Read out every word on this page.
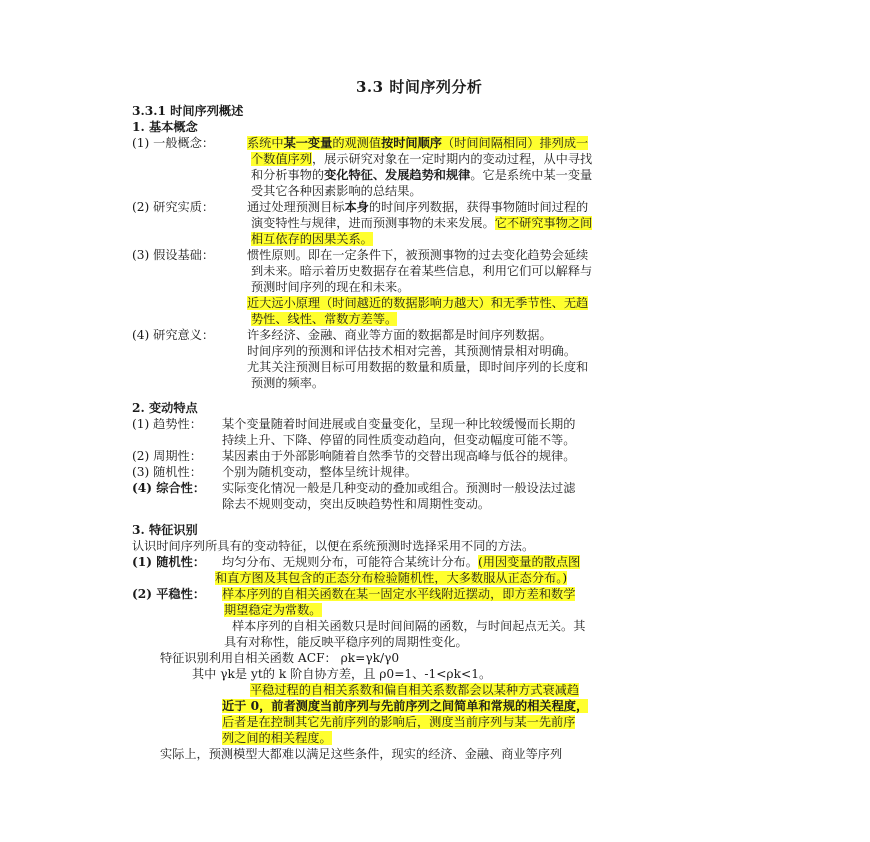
3.3 时间序列分析
3.3.1 时间序列概述
1. 基本概念
(1) 一般概念：	系统中某一变量的观测值按时间顺序（时间间隔相同）排列成一
个数值序列，展示研究对象在一定时期内的变动过程，从中寻找
和分析事物的变化特征、发展趋势和规律。它是系统中某一变量
受其它各种因素影响的总结果。
(2) 研究实质：	通过处理预测目标本身的时间序列数据，获得事物随时间过程的
演变特性与规律，进而预测事物的未来发展。它不研究事物之间
相互依存的因果关系。
(3) 假设基础：	惯性原则。即在一定条件下，被预测事物的过去变化趋势会延续
到未来。暗示着历史数据存在着某些信息，利用它们可以解释与
预测时间序列的现在和未来。
近大远小原理（时间越近的数据影响力越大）和无季节性、无趋
势性、线性、常数方差等。
(4) 研究意义：	许多经济、金融、商业等方面的数据都是时间序列数据。
时间序列的预测和评估技术相对完善，其预测情景相对明确。
尤其关注预测目标可用数据的数量和质量，即时间序列的长度和
预测的频率。
2. 变动特点
(1) 趋势性： 某个变量随着时间进展或自变量变化，呈现一种比较缓慢而长期的
持续上升、下降、停留的同性质变动趋向，但变动幅度可能不等。
(2) 周期性： 某因素由于外部影响随着自然季节的交替出现高峰与低谷的规律。
(3) 随机性： 个别为随机变动，整体呈统计规律。
(4) 综合性： 实际变化情况一般是几种变动的叠加或组合。预测时一般设法过滤
除去不规则变动，突出反映趋势性和周期性变动。
3. 特征识别
认识时间序列所具有的变动特征，以便在系统预测时选择采用不同的方法。
(1) 随机性： 均匀分布、无规则分布，可能符合某统计分布。(用因变量的散点图
和直方图及其包含的正态分布检验随机性，大多数服从正态分布。)
(2) 平稳性： 样本序列的自相关函数在某一固定水平线附近摆动，即方差和数学
期望稳定为常数。
样本序列的自相关函数只是时间间隔的函数，与时间起点无关。其
具有对称性，能反映平稳序列的周期性变化。
特征识别利用自相关函数 ACF： ρk=γk/γ0
其中 γk是 yt的 k 阶自协方差，且 ρ0=1、-1<ρk<1。
平稳过程的自相关系数和偏自相关系数都会以某种方式衰减趋
近于 0，前者测度当前序列与先前序列之间简单和常规的相关程度，
后者是在控制其它先前序列的影响后，测度当前序列与某一先前序
列之间的相关程度。
实际上，预测模型大都难以满足这些条件，现实的经济、金融、商业等序列
